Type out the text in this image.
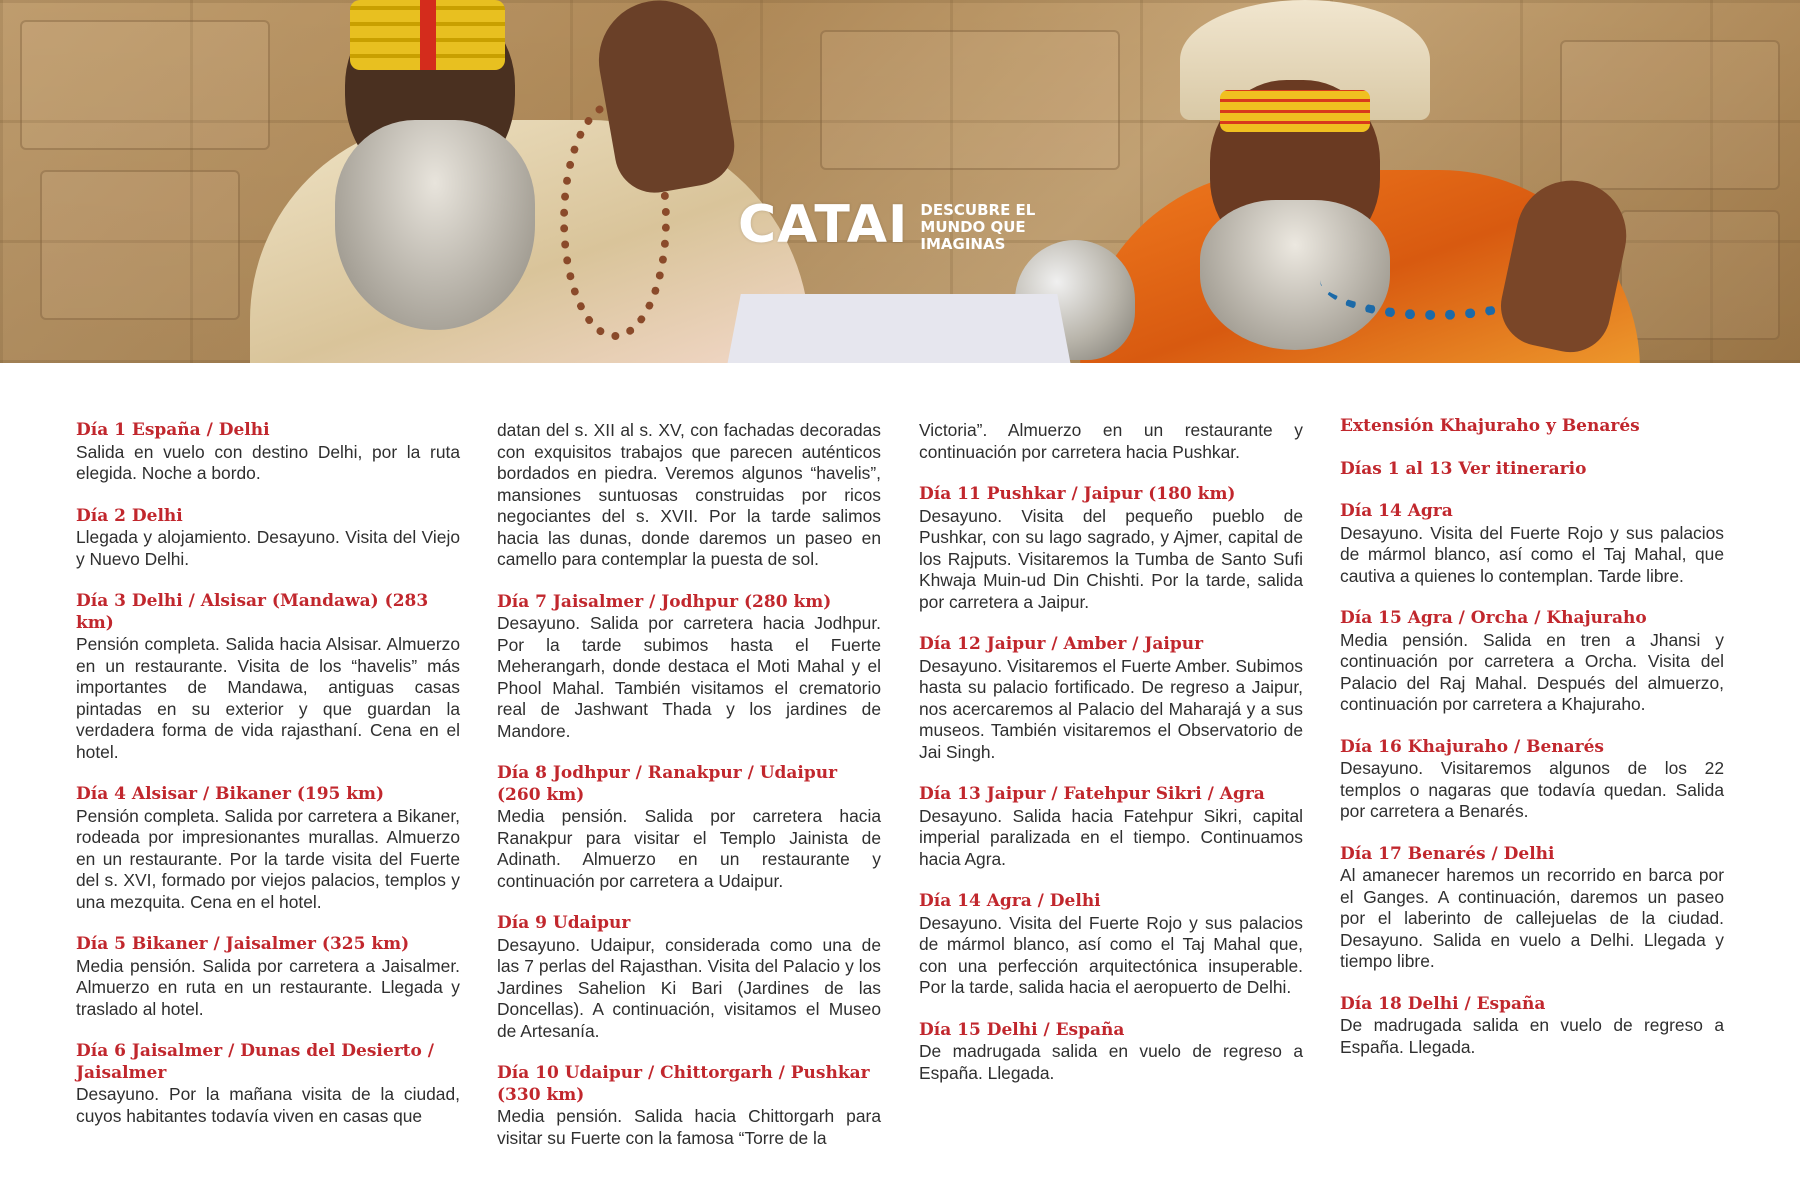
CATAI DESCUBRE EL MUNDO QUE IMAGINAS
Día 1 España / Delhi

Salida en vuelo con destino Delhi, por la ruta elegida. Noche a bordo.

Día 2 Delhi

Llegada y alojamiento. Desayuno. Visita del Viejo y Nuevo Delhi.

Día 3 Delhi / Alsisar (Mandawa) (283 km)

Pensión completa. Salida hacia Alsisar. Almuerzo en un restaurante. Visita de los “havelis” más importantes de Mandawa, antiguas casas pintadas en su exterior y que guardan la verdadera forma de vida rajasthaní. Cena en el hotel.

Día 4 Alsisar / Bikaner (195 km)

Pensión completa. Salida por carretera a Bikaner, rodeada por impresionantes murallas. Almuerzo en un restaurante. Por la tarde visita del Fuerte del s. XVI, formado por viejos palacios, templos y una mezquita. Cena en el hotel.

Día 5 Bikaner / Jaisalmer (325 km)

Media pensión. Salida por carretera a Jaisalmer. Almuerzo en ruta en un restaurante. Llegada y traslado al hotel.

Día 6 Jaisalmer / Dunas del Desierto / Jaisalmer

Desayuno. Por la mañana visita de la ciudad, cuyos habitantes todavía viven en casas que

datan del s. XII al s. XV, con fachadas decoradas con exquisitos trabajos que parecen auténticos bordados en piedra. Veremos algunos “havelis”, mansiones suntuosas construidas por ricos negociantes del s. XVII. Por la tarde salimos hacia las dunas, donde daremos un paseo en camello para contemplar la puesta de sol.

Día 7 Jaisalmer / Jodhpur (280 km)

Desayuno. Salida por carretera hacia Jodhpur. Por la tarde subimos hasta el Fuerte Meherangarh, donde destaca el Moti Mahal y el Phool Mahal. También visitamos el crematorio real de Jashwant Thada y los jardines de Mandore.

Día 8 Jodhpur / Ranakpur / Udaipur (260 km)

Media pensión. Salida por carretera hacia Ranakpur para visitar el Templo Jainista de Adinath. Almuerzo en un restaurante y continuación por carretera a Udaipur.

Día 9 Udaipur

Desayuno. Udaipur, considerada como una de las 7 perlas del Rajasthan. Visita del Palacio y los Jardines Sahelion Ki Bari (Jardines de las Doncellas). A continuación, visitamos el Museo de Artesanía.

Día 10 Udaipur / Chittorgarh / Pushkar (330 km)

Media pensión. Salida hacia Chittorgarh para visitar su Fuerte con la famosa “Torre de la

Victoria”. Almuerzo en un restaurante y continuación por carretera hacia Pushkar.

Día 11 Pushkar / Jaipur (180 km)

Desayuno. Visita del pequeño pueblo de Pushkar, con su lago sagrado, y Ajmer, capital de los Rajputs. Visitaremos la Tumba de Santo Sufi Khwaja Muin-ud Din Chishti. Por la tarde, salida por carretera a Jaipur.

Día 12 Jaipur / Amber / Jaipur

Desayuno. Visitaremos el Fuerte Amber. Subimos hasta su palacio fortificado. De regreso a Jaipur, nos acercaremos al Palacio del Maharajá y a sus museos. También visitaremos el Observatorio de Jai Singh.

Día 13 Jaipur / Fatehpur Sikri / Agra

Desayuno. Salida hacia Fatehpur Sikri, capital imperial paralizada en el tiempo. Continuamos hacia Agra.

Día 14 Agra / Delhi

Desayuno. Visita del Fuerte Rojo y sus palacios de mármol blanco, así como el Taj Mahal que, con una perfección arquitectónica insuperable. Por la tarde, salida hacia el aeropuerto de Delhi.

Día 15 Delhi / España

De madrugada salida en vuelo de regreso a España. Llegada.

Extensión Khajuraho y Benarés
Días 1 al 13 Ver itinerario
Día 14 Agra

Desayuno. Visita del Fuerte Rojo y sus palacios de mármol blanco, así como el Taj Mahal, que cautiva a quienes lo contemplan. Tarde libre.

Día 15 Agra / Orcha / Khajuraho

Media pensión. Salida en tren a Jhansi y continuación por carretera a Orcha. Visita del Palacio del Raj Mahal. Después del almuerzo, continuación por carretera a Khajuraho.

Día 16 Khajuraho / Benarés

Desayuno. Visitaremos algunos de los 22 templos o nagaras que todavía quedan. Salida por carretera a Benarés.

Día 17 Benarés / Delhi

Al amanecer haremos un recorrido en barca por el Ganges. A continuación, daremos un paseo por el laberinto de callejuelas de la ciudad. Desayuno. Salida en vuelo a Delhi. Llegada y tiempo libre.

Día 18 Delhi / España

De madrugada salida en vuelo de regreso a España. Llegada.
